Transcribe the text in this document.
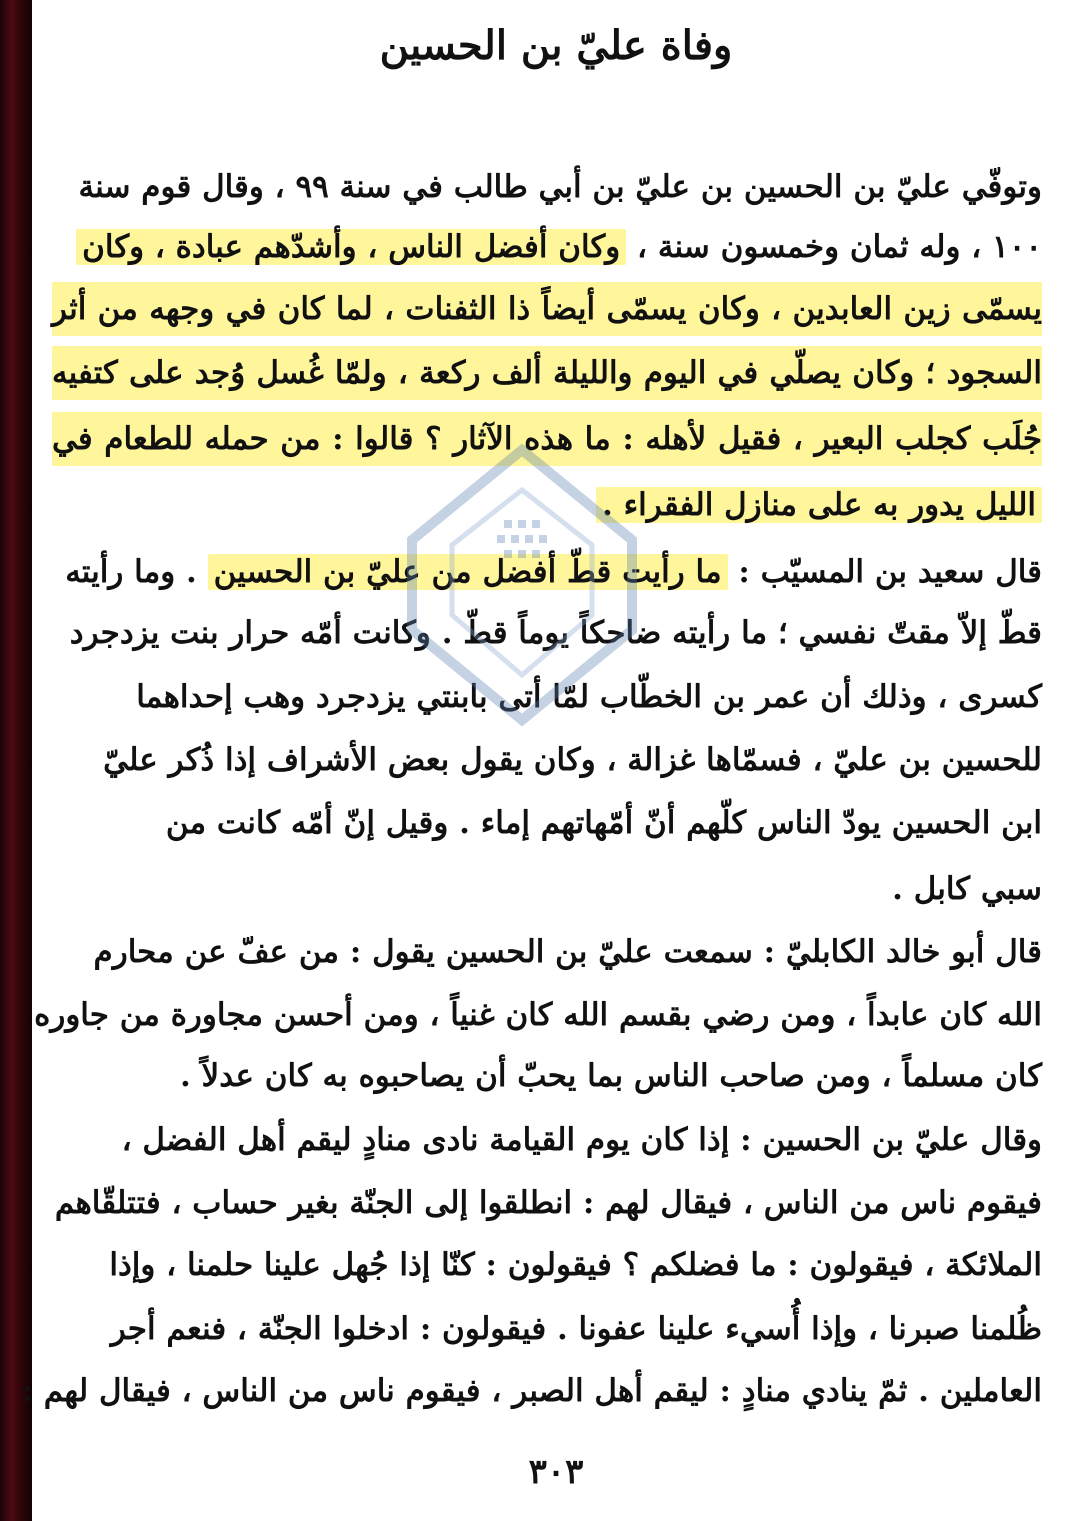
وفاة عليّ بن الحسين
وتوفّي عليّ بن الحسين بن عليّ بن أبي طالب في سنة ٩٩ ، وقال قوم سنة
١٠٠ ، وله ثمان وخمسون سنة ، وكان أفضل الناس ، وأشدّهم عبادة ، وكان
يسمّى زين العابدين ، وكان يسمّى أيضاً ذا الثفنات ، لما كان في وجهه من أثر
السجود ؛ وكان يصلّي في اليوم والليلة ألف ركعة ، ولمّا غُسل وُجد على كتفيه
جُلَب كجلب البعير ، فقيل لأهله : ما هذه الآثار ؟ قالوا : من حمله للطعام في
الليل يدور به على منازل الفقراء .
قال سعيد بن المسيّب : ما رأيت قطّ أفضل من عليّ بن الحسين . وما رأيته
قطّ إلاّ مقتّ نفسي ؛ ما رأيته ضاحكاً يوماً قطّ . وكانت أمّه حرار بنت يزدجرد
كسرى ، وذلك أن عمر بن الخطّاب لمّا أتى بابنتي يزدجرد وهب إحداهما
للحسين بن عليّ ، فسمّاها غزالة ، وكان يقول بعض الأشراف إذا ذُكر عليّ
ابن الحسين يودّ الناس كلّهم أنّ أمّهاتهم إماء . وقيل إنّ أمّه كانت من
سبي كابل .
قال أبو خالد الكابليّ : سمعت عليّ بن الحسين يقول : من عفّ عن محارم
الله كان عابداً ، ومن رضي بقسم الله كان غنياً ، ومن أحسن مجاورة من جاوره
كان مسلماً ، ومن صاحب الناس بما يحبّ أن يصاحبوه به كان عدلاً .
وقال عليّ بن الحسين : إذا كان يوم القيامة نادى منادٍ ليقم أهل الفضل ،
فيقوم ناس من الناس ، فيقال لهم : انطلقوا إلى الجنّة بغير حساب ، فتتلقّاهم
الملائكة ، فيقولون : ما فضلكم ؟ فيقولون : كنّا إذا جُهل علينا حلمنا ، وإذا
ظُلمنا صبرنا ، وإذا أُسيء علينا عفونا . فيقولون : ادخلوا الجنّة ، فنعم أجر
العاملين . ثمّ ينادي منادٍ : ليقم أهل الصبر ، فيقوم ناس من الناس ، فيقال لهم :
٣٠٣
